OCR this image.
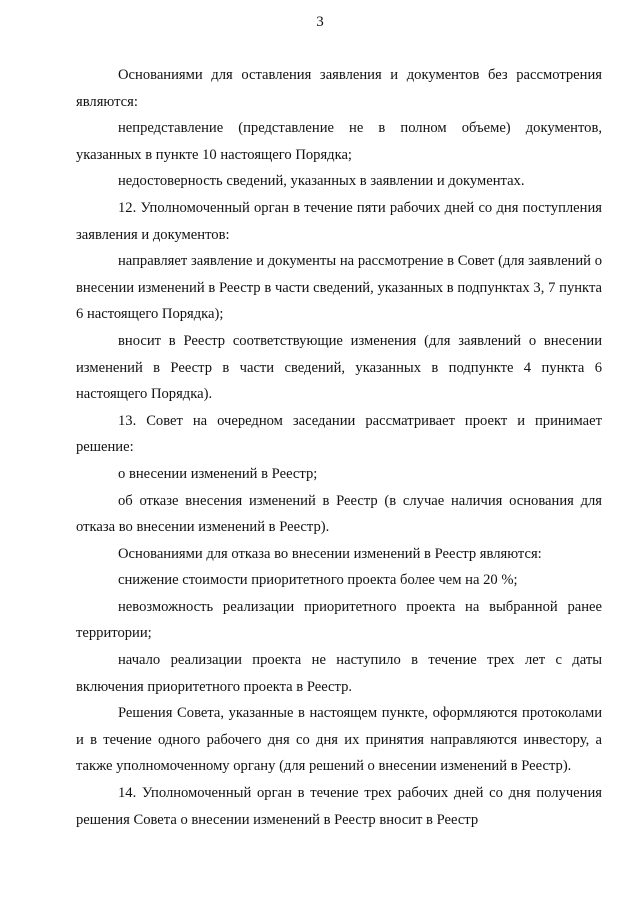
3

Основаниями для оставления заявления и документов без рассмотрения являются:

непредставление (представление не в полном объеме) документов, указанных в пункте 10 настоящего Порядка;

недостоверность сведений, указанных в заявлении и документах.

12. Уполномоченный орган в течение пяти рабочих дней со дня поступления заявления и документов:

направляет заявление и документы на рассмотрение в Совет (для заявлений о внесении изменений в Реестр в части сведений, указанных в подпунктах 3, 7 пункта 6 настоящего Порядка);

вносит в Реестр соответствующие изменения (для заявлений о внесении изменений в Реестр в части сведений, указанных в подпункте 4 пункта 6 настоящего Порядка).

13. Совет на очередном заседании рассматривает проект и принимает решение:

о внесении изменений в Реестр;

об отказе внесения изменений в Реестр (в случае наличия основания для отказа во внесении изменений в Реестр).

Основаниями для отказа во внесении изменений в Реестр являются:

снижение стоимости приоритетного проекта более чем на 20 %;

невозможность реализации приоритетного проекта на выбранной ранее территории;

начало реализации проекта не наступило в течение трех лет с даты включения приоритетного проекта в Реестр.

Решения Совета, указанные в настоящем пункте, оформляются протоколами и в течение одного рабочего дня со дня их принятия направляются инвестору, а также уполномоченному органу (для решений о внесении изменений в Реестр).

14. Уполномоченный орган в течение трех рабочих дней со дня получения решения Совета о внесении изменений в Реестр вносит в Реестр
